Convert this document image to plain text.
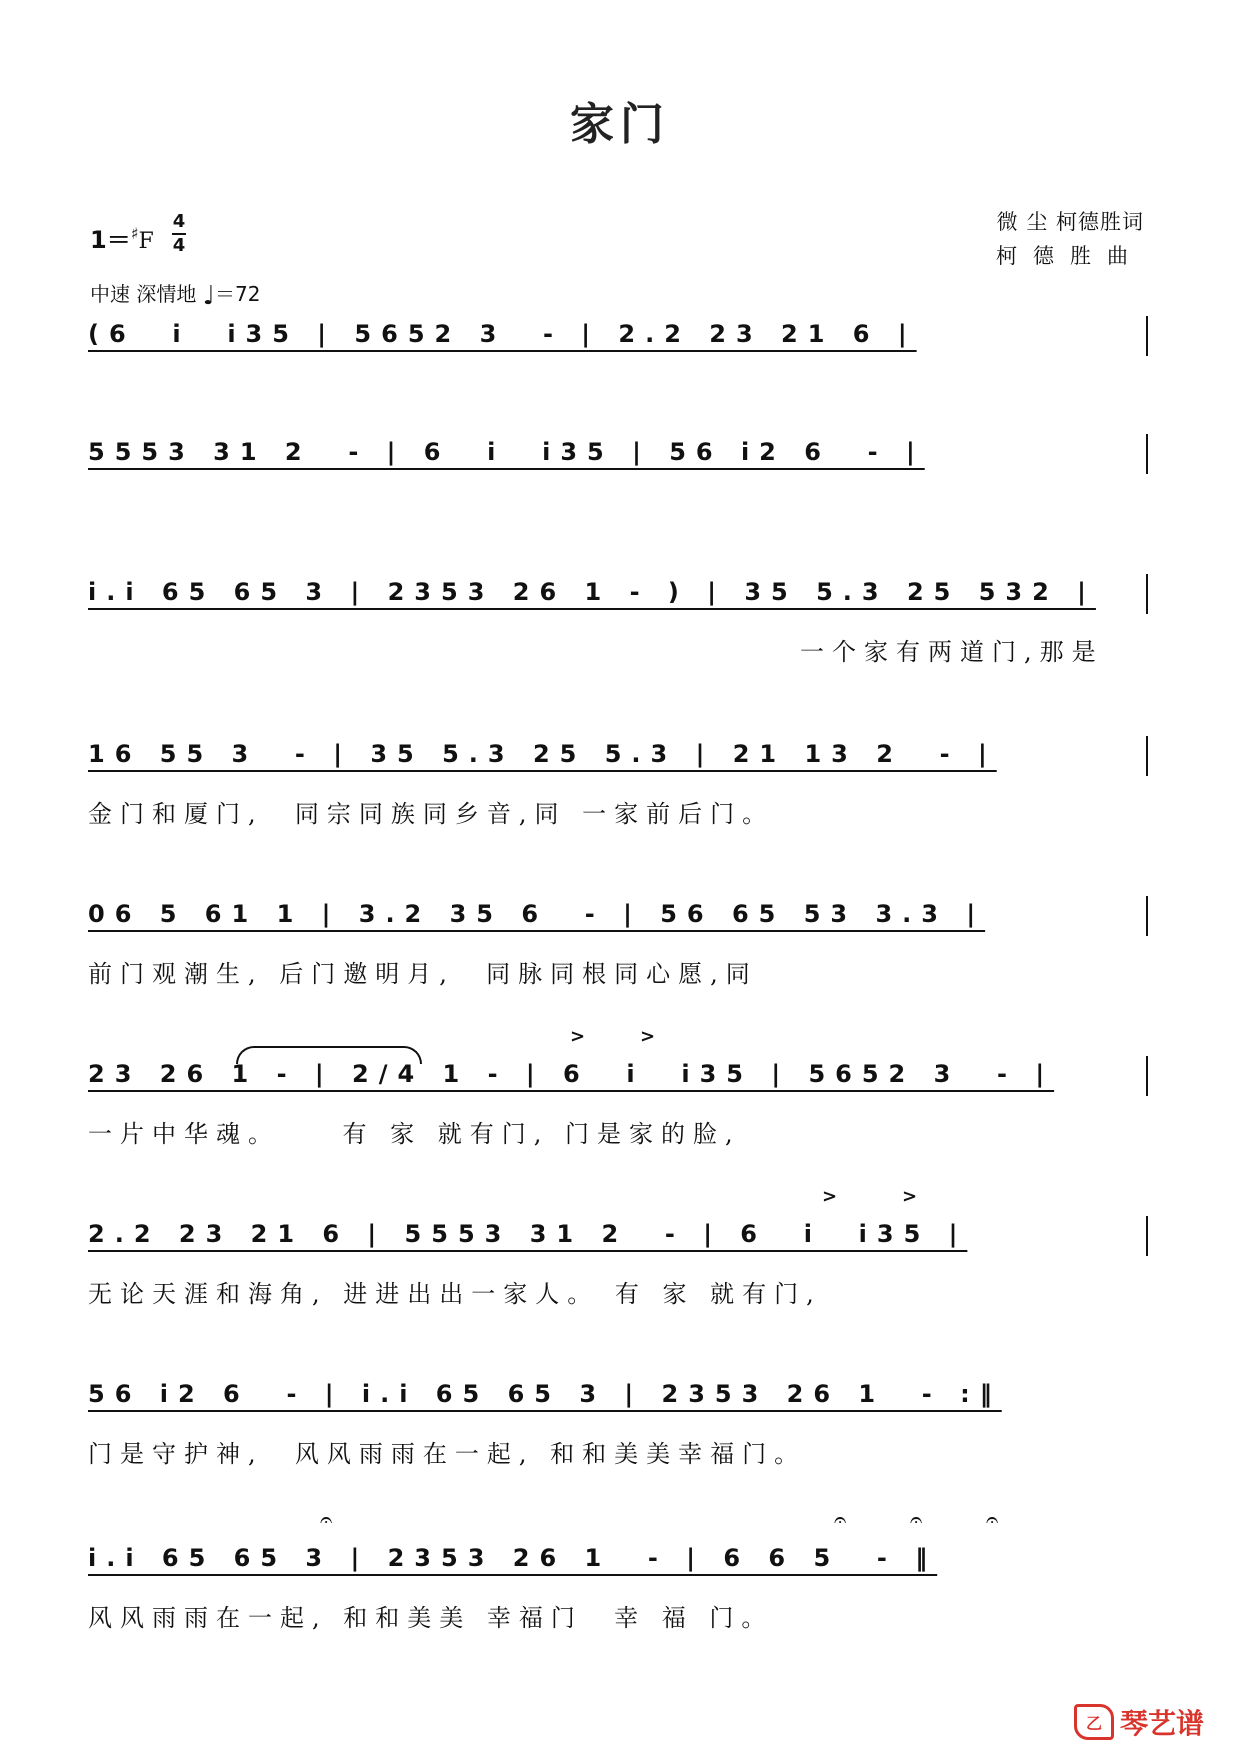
家门
1＝♯F
4
4
中速 深情地 ♩＝72
微 尘 柯德胜词
柯德胜曲
(6  i  i35 | 5652 3  - | 2.2 23 21 6 |
5553 31 2  - | 6  i  i35 | 56 i2 6  - |
i.i 65 65 3 | 2353 26 1 - ) | 35 5.3 25 532 |
一个家有两道门,那是
16 55 3  - | 35 5.3 25 5.3 | 21 13 2  - |
金门和厦门,  同宗同族同乡音,同 一家前后门。
06 5 61 1 | 3.2 35 6  - | 56 65 53 3.3 |
前门观潮生, 后门邀明月,  同脉同根同心愿,同
>	>
23 26 1 - | 2/4 1 - | 6  i  i35 | 5652 3  - |
一片中华魂。    有 家 就有门, 门是家的脸,
>	>
2.2 23 21 6 | 5553 31 2  - | 6  i  i35 |
无论天涯和海角, 进进出出一家人。 有 家 就有门,
56 i2 6  - | i.i 65 65 3 | 2353 26 1  - :‖
门是守护神,  风风雨雨在一起, 和和美美幸福门。
𝄐	𝄐	𝄐	𝄐
i.i 65 65 3 | 2353 26 1  - | 6 6 5  - ‖
风风雨雨在一起, 和和美美 幸福门  幸 福 门。
乙 琴艺谱
